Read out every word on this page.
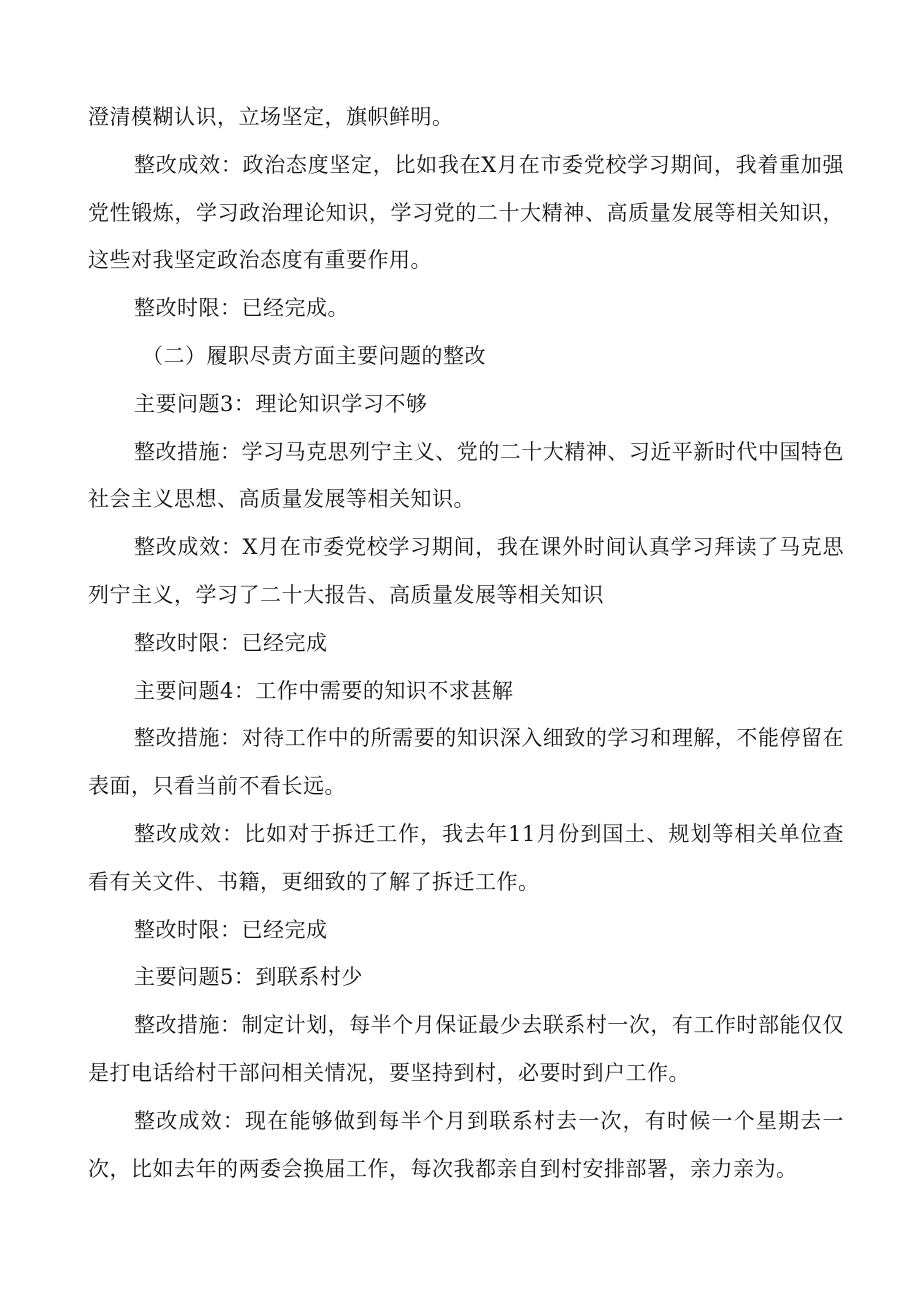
澄清模糊认识，立场坚定，旗帜鲜明。

整改成效：政治态度坚定，比如我在X月在市委党校学习期间，我着重加强党性锻炼，学习政治理论知识，学习党的二十大精神、高质量发展等相关知识，这些对我坚定政治态度有重要作用。

整改时限：已经完成。

（二）履职尽责方面主要问题的整改

主要问题3：理论知识学习不够

整改措施：学习马克思列宁主义、党的二十大精神、习近平新时代中国特色社会主义思想、高质量发展等相关知识。

整改成效：X月在市委党校学习期间，我在课外时间认真学习拜读了马克思列宁主义，学习了二十大报告、高质量发展等相关知识

整改时限：已经完成

主要问题4：工作中需要的知识不求甚解

整改措施：对待工作中的所需要的知识深入细致的学习和理解，不能停留在表面，只看当前不看长远。

整改成效：比如对于拆迁工作，我去年11月份到国土、规划等相关单位查看有关文件、书籍，更细致的了解了拆迁工作。

整改时限：已经完成

主要问题5：到联系村少

整改措施：制定计划，每半个月保证最少去联系村一次，有工作时部能仅仅是打电话给村干部问相关情况，要坚持到村，必要时到户工作。

整改成效：现在能够做到每半个月到联系村去一次，有时候一个星期去一次，比如去年的两委会换届工作，每次我都亲自到村安排部署，亲力亲为。
